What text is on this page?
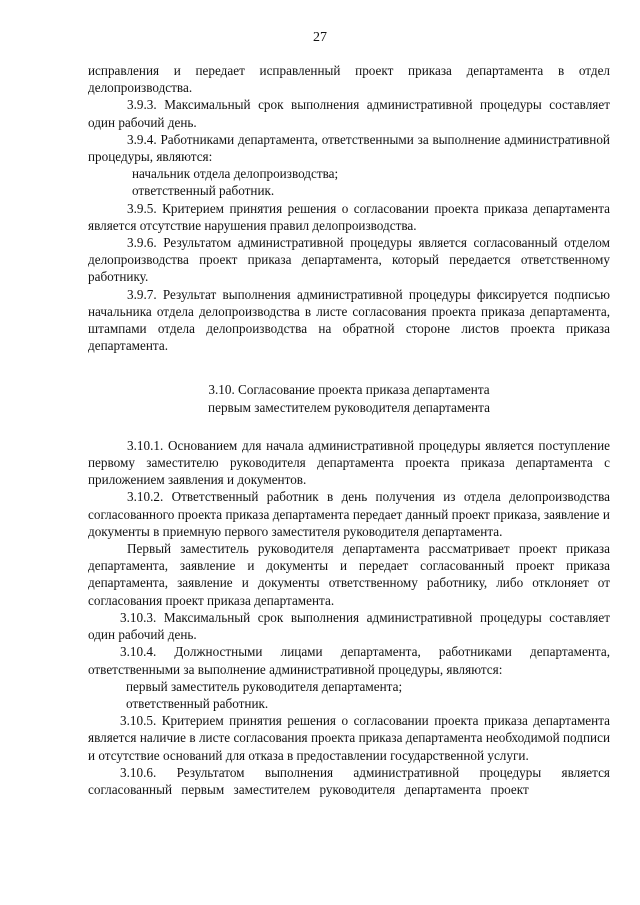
27

исправления и передает исправленный проект приказа департамента в отдел делопроизводства.

3.9.3. Максимальный срок выполнения административной процедуры составляет один рабочий день.

3.9.4. Работниками департамента, ответственными за выполнение административной процедуры, являются:

начальник отдела делопроизводства;

ответственный работник.

3.9.5. Критерием принятия решения о согласовании проекта приказа департамента является отсутствие нарушения правил делопроизводства.

3.9.6. Результатом административной процедуры является согласованный отделом делопроизводства проект приказа департамента, который передается ответственному работнику.

3.9.7. Результат выполнения административной процедуры фиксируется подписью начальника отдела делопроизводства в листе согласования проекта приказа департамента, штампами отдела делопроизводства на обратной стороне листов проекта приказа департамента.

3.10. Согласование проекта приказа департамента
первым заместителем руководителя департамента

3.10.1. Основанием для начала административной процедуры является поступление первому заместителю руководителя департамента проекта приказа департамента с приложением заявления и документов.

3.10.2. Ответственный работник в день получения из отдела делопроизводства согласованного проекта приказа департамента передает данный проект приказа, заявление и документы в приемную первого заместителя руководителя департамента.

Первый заместитель руководителя департамента рассматривает проект приказа департамента, заявление и документы и передает согласованный проект приказа департамента, заявление и документы ответственному работнику, либо отклоняет от согласования проект приказа департамента.

3.10.3. Максимальный срок выполнения административной процедуры составляет один рабочий день.

3.10.4. Должностными лицами департамента, работниками департамента, ответственными за выполнение административной процедуры, являются:

первый заместитель руководителя департамента;

ответственный работник.

3.10.5. Критерием принятия решения о согласовании проекта приказа департамента является наличие в листе согласования проекта приказа департамента необходимой подписи и отсутствие оснований для отказа в предоставлении государственной услуги.

3.10.6. Результатом выполнения административной процедуры является согласованный первым заместителем руководителя департамента проект
